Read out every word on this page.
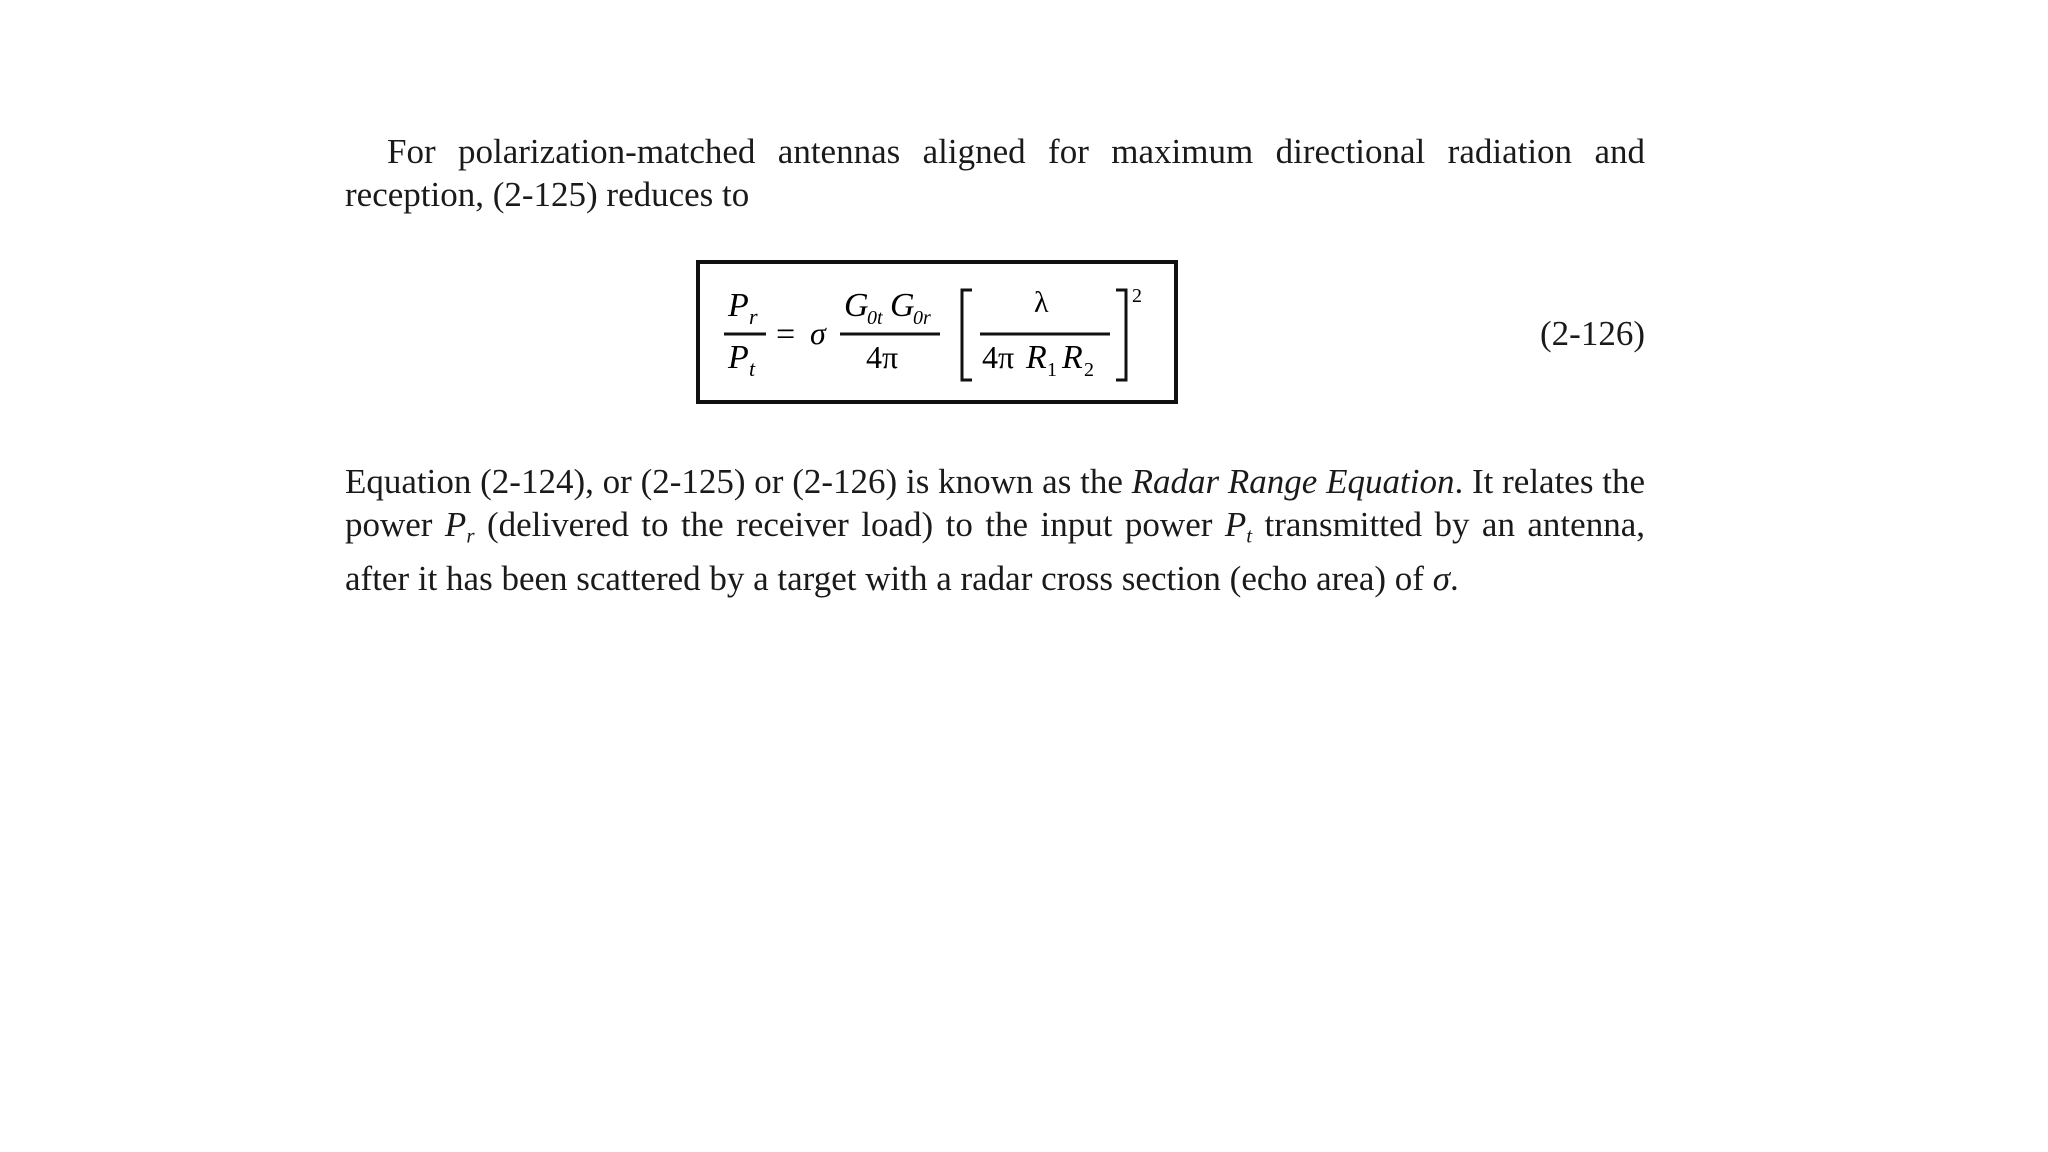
For polarization-matched antennas aligned for maximum directional radiation and reception, (2-125) reduces to

P r
P t
= σ
G
0t G
0r
4π
λ
4π R 1 R 2
2
(2-126)

Equation (2-124), or (2-125) or (2-126) is known as the Radar Range Equation. It relates the power $P_r$ (delivered to the receiver load) to the input power $P_t$ transmitted by an antenna, after it has been scattered by a target with a radar cross section (echo area) of σ.
